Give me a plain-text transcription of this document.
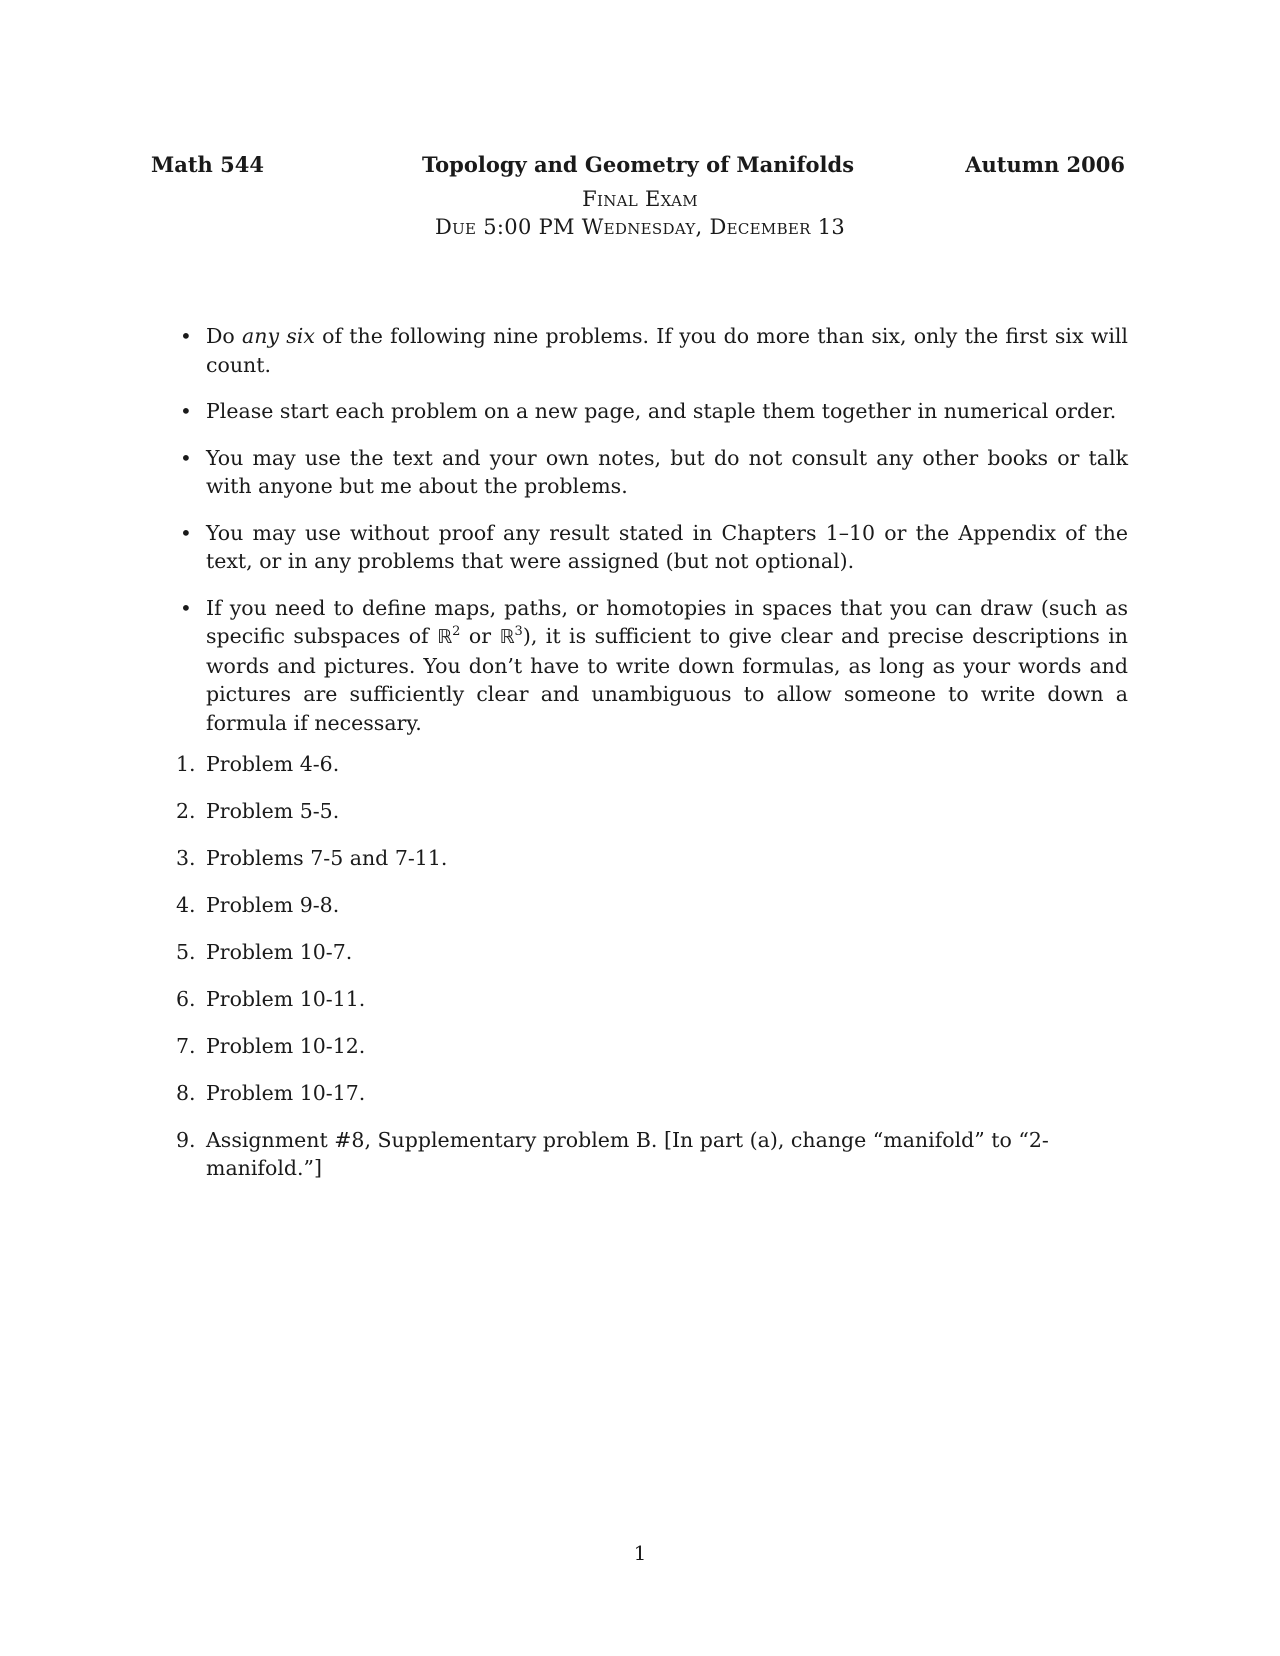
Math 544	Topology and Geometry of Manifolds	Autumn 2006
Final Exam
Due 5:00 PM Wednesday, December 13
• Do any six of the following nine problems. If you do more than six, only the first six will count.
• Please start each problem on a new page, and staple them together in numerical order.
• You may use the text and your own notes, but do not consult any other books or talk with anyone but me about the problems.
• You may use without proof any result stated in Chapters 1–10 or the Appendix of the text, or in any problems that were assigned (but not optional).
• If you need to define maps, paths, or homotopies in spaces that you can draw (such as specific subspaces of ℝ$^2$ or ℝ$^3$), it is sufficient to give clear and precise descriptions in words and pictures. You don’t have to write down formulas, as long as your words and pictures are sufficiently clear and unambiguous to allow someone to write down a formula if necessary.
1. Problem 4-6.
2. Problem 5-5.
3. Problems 7-5 and 7-11.
4. Problem 9-8.
5. Problem 10-7.
6. Problem 10-11.
7. Problem 10-12.
8. Problem 10-17.
9. Assignment #8, Supplementary problem B. [In part (a), change “manifold” to “2-manifold.”]
1
